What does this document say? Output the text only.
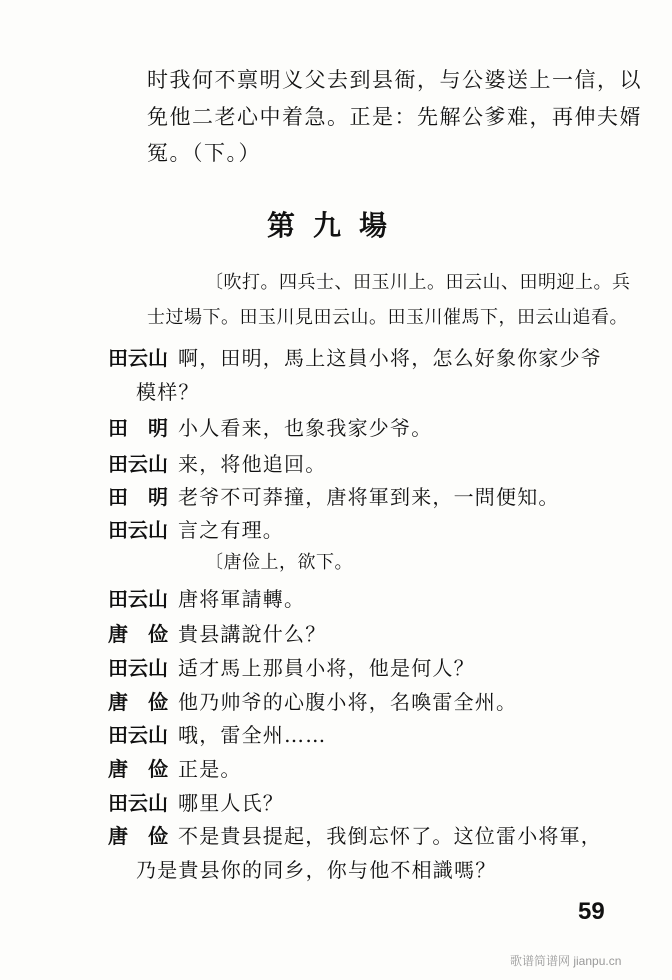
时我何不禀明义父去到县衙，与公婆送上一信，以
免他二老心中着急。正是：先解公爹难，再伸夫婿
冤。（下。）
第九場
〔吹打。四兵士、田玉川上。田云山、田明迎上。兵
士过場下。田玉川見田云山。田玉川催馬下，田云山追看。
田云山 啊，田明，馬上这員小将，怎么好象你家少爷
模样？
田　明 小人看来，也象我家少爷。
田云山 来，将他追回。
田　明 老爷不可莽撞，唐将軍到来，一問便知。
田云山 言之有理。
〔唐俭上，欲下。
田云山 唐将軍請轉。
唐　俭 貴县講說什么？
田云山 适才馬上那員小将，他是何人？
唐　俭 他乃帅爷的心腹小将，名喚雷全州。
田云山 哦，雷全州……
唐　俭 正是。
田云山 哪里人氏？
唐　俭 不是貴县提起，我倒忘怀了。这位雷小将軍，
乃是貴县你的同乡，你与他不相識嗎？
59
歌谱简谱网 jianpu.cn
